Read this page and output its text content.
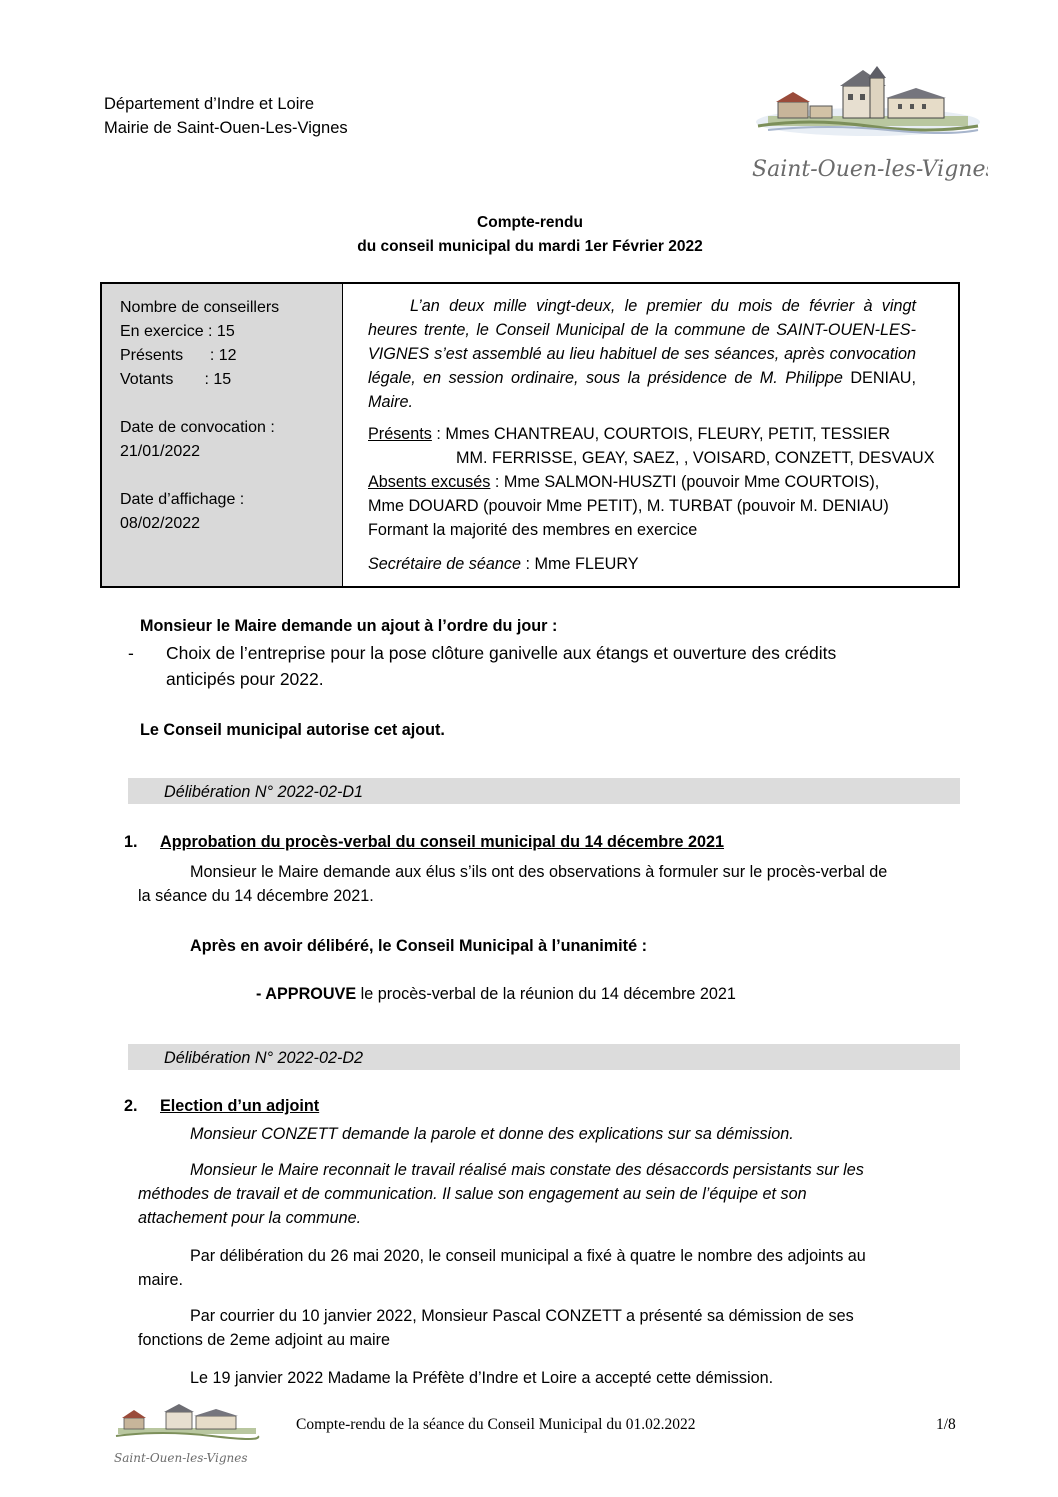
Département d’Indre et Loire
Mairie de Saint-Ouen-Les-Vignes
Saint-Ouen-les-Vignes
Compte-rendu
du conseil municipal du mardi 1er Février 2022
Nombre de conseillers
En exercice : 15
Présents      : 12
Votants       : 15
Date de convocation :
21/01/2022
Date d’affichage :
08/02/2022
L’an deux mille vingt-deux, le premier du mois de février à vingt heures trente, le Conseil Municipal de la commune de SAINT-OUEN-LES-VIGNES s’est assemblé au lieu habituel de ses séances, après convocation légale, en session ordinaire, sous la présidence de M. Philippe DENIAU, Maire.
Présents : Mmes CHANTREAU, COURTOIS, FLEURY, PETIT, TESSIER
MM. FERRISSE, GEAY, SAEZ, , VOISARD, CONZETT, DESVAUX
Absents excusés : Mme SALMON-HUSZTI (pouvoir Mme COURTOIS),
Mme DOUARD (pouvoir Mme PETIT), M. TURBAT (pouvoir M. DENIAU)
Formant la majorité des membres en exercice
Secrétaire de séance : Mme FLEURY
Monsieur le Maire demande un ajout à l’ordre du jour :
- Choix de l’entreprise pour la pose clôture ganivelle aux étangs et ouverture des crédits
anticipés pour 2022.
Le Conseil municipal autorise cet ajout.
Délibération N° 2022-02-D1
1. Approbation du procès-verbal du conseil municipal du 14 décembre 2021
Monsieur le Maire demande aux élus s’ils ont des observations à formuler sur le procès-verbal de
la séance du 14 décembre 2021.
Après en avoir délibéré, le Conseil Municipal à l’unanimité :
- APPROUVE le procès-verbal de la réunion du 14 décembre 2021
Délibération N° 2022-02-D2
2. Election d’un adjoint
Monsieur CONZETT demande la parole et donne des explications sur sa démission.
Monsieur le Maire reconnait le travail réalisé mais constate des désaccords persistants sur les
méthodes de travail et de communication. Il salue son engagement au sein de l’équipe et son
attachement pour la commune.
Par délibération du 26 mai 2020, le conseil municipal a fixé à quatre le nombre des adjoints au
maire.
Par courrier du 10 janvier 2022, Monsieur Pascal CONZETT a présenté sa démission de ses
fonctions de 2eme adjoint au maire
Le 19 janvier 2022 Madame la Préfète d’Indre et Loire a accepté cette démission.
Saint-Ouen-les-Vignes
Compte-rendu de la séance du Conseil Municipal du 01.02.2022	1/8
